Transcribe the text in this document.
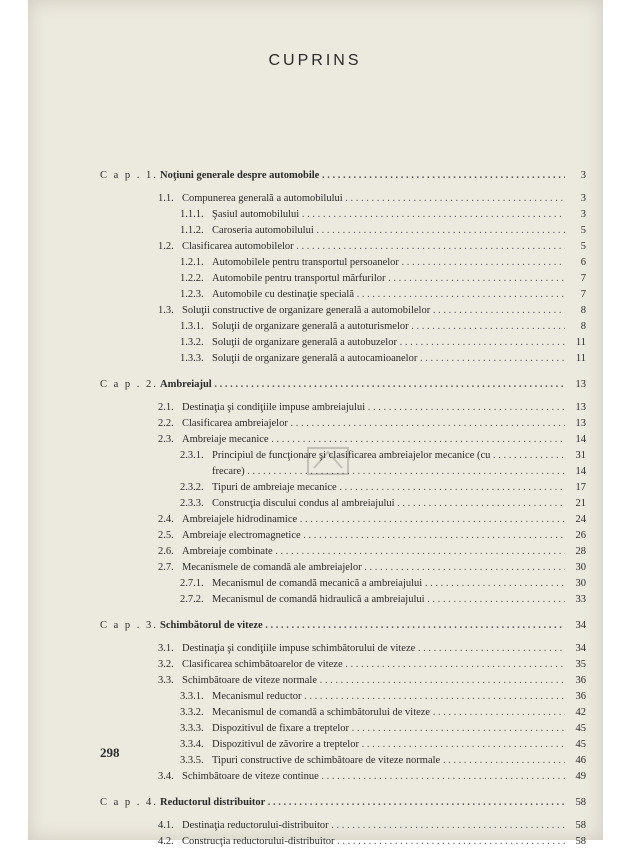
CUPRINS
C a p . 1. Noţiuni generale despre automobile . . .	3
1.1. Compunerea generală a automobilului . . .	3
1.1.1. Şasiul automobilului . . .	3
1.1.2. Caroseria automobilului . . .	5
1.2. Clasificarea automobilelor . . .	5
1.2.1. Automobilele pentru transportul persoanelor . . .	6
1.2.2. Automobile pentru transportul mărfurilor . . .	7
1.2.3. Automobile cu destinaţie specială . . .	7
1.3. Soluţii constructive de organizare generală a automobilelor . . .	8
1.3.1. Soluţii de organizare generală a autoturismelor . . .	8
1.3.2. Soluţii de organizare generală a autobuzelor . . .	11
1.3.3. Soluţii de organizare generală a autocamioanelor . . .	11
C a p . 2. Ambreiajul . . .	13
2.1. Destinaţia şi condiţiile impuse ambreiajului . . .	13
2.2. Clasificarea ambreiajelor . . .	13
2.3. Ambreiaje mecanice . . .	14
2.3.1. Principiul de funcţionare şi clasificarea ambreiajelor mecanice (cu . . .	31
frecare) . . .	14
2.3.2. Tipuri de ambreiaje mecanice . . .	17
2.3.3. Construcţia discului condus al ambreiajului . . .	21
2.4. Ambreiajele hidrodinamice . . .	24
2.5. Ambreiaje electromagnetice . . .	26
2.6. Ambreiaje combinate . . .	28
2.7. Mecanismele de comandă ale ambreiajelor . . .	30
2.7.1. Mecanismul de comandă mecanică a ambreiajului . . .	30
2.7.2. Mecanismul de comandă hidraulică a ambreiajului . . .	33
C a p . 3. Schimbătorul de viteze . . .	34
3.1. Destinaţia şi condiţiile impuse schimbătorului de viteze . . .	34
3.2. Clasificarea schimbătoarelor de viteze . . .	35
3.3. Schimbătoare de viteze normale . . .	36
3.3.1. Mecanismul reductor . . .	36
3.3.2. Mecanismul de comandă a schimbătorului de viteze . . .	42
3.3.3. Dispozitivul de fixare a treptelor . . .	45
3.3.4. Dispozitivul de zăvorire a treptelor . . .	45
3.3.5. Tipuri constructive de schimbătoare de viteze normale . . .	46
3.4. Schimbătoare de viteze continue . . .	49
C a p . 4. Reductorul distribuitor . . .	58
4.1. Destinaţia reductorului-distribuitor . . .	58
4.2. Construcţia reductorului-distribuitor . . .	58
298
